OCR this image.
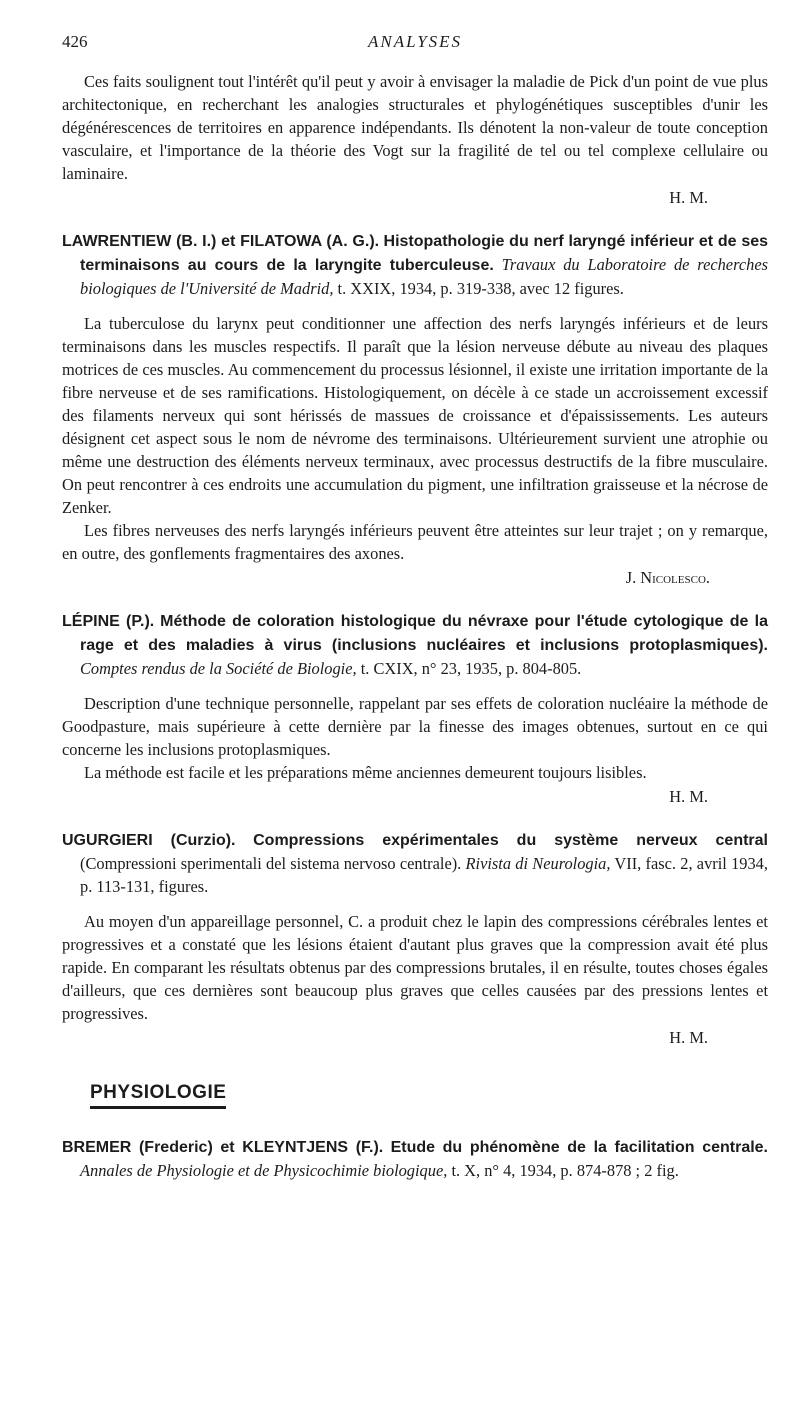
426	ANALYSES

Ces faits soulignent tout l'intérêt qu'il peut y avoir à envisager la maladie de Pick d'un point de vue plus architectonique, en recherchant les analogies structurales et phylogénétiques susceptibles d'unir les dégénérescences de territoires en apparence indépendants. Ils dénotent la non-valeur de toute conception vasculaire, et l'importance de la théorie des Vogt sur la fragilité de tel ou tel complexe cellulaire ou laminaire.

H. M.
LAWRENTIEW (B. I.) et FILATOWA (A. G.). Histopathologie du nerf laryngé inférieur et de ses terminaisons au cours de la laryngite tuberculeuse. Travaux du Laboratoire de recherches biologiques de l'Université de Madrid, t. XXIX, 1934, p. 319-338, avec 12 figures.

La tuberculose du larynx peut conditionner une affection des nerfs laryngés inférieurs et de leurs terminaisons dans les muscles respectifs. Il paraît que la lésion nerveuse débute au niveau des plaques motrices de ces muscles. Au commencement du processus lésionnel, il existe une irritation importante de la fibre nerveuse et de ses ramifications. Histologiquement, on décèle à ce stade un accroissement excessif des filaments nerveux qui sont hérissés de massues de croissance et d'épaississements. Les auteurs désignent cet aspect sous le nom de névrome des terminaisons. Ultérieurement survient une atrophie ou même une destruction des éléments nerveux terminaux, avec processus destructifs de la fibre musculaire. On peut rencontrer à ces endroits une accumulation du pigment, une infiltration graisseuse et la nécrose de Zenker.

Les fibres nerveuses des nerfs laryngés inférieurs peuvent être atteintes sur leur trajet ; on y remarque, en outre, des gonflements fragmentaires des axones.

J. Nicolesco.
LÉPINE (P.). Méthode de coloration histologique du névraxe pour l'étude cytologique de la rage et des maladies à virus (inclusions nucléaires et inclusions protoplasmiques). Comptes rendus de la Société de Biologie, t. CXIX, n° 23, 1935, p. 804-805.

Description d'une technique personnelle, rappelant par ses effets de coloration nucléaire la méthode de Goodpasture, mais supérieure à cette dernière par la finesse des images obtenues, surtout en ce qui concerne les inclusions protoplasmiques.

La méthode est facile et les préparations même anciennes demeurent toujours lisibles.

H. M.
UGURGIERI (Curzio). Compressions expérimentales du système nerveux central (Compressioni sperimentali del sistema nervoso centrale). Rivista di Neurologia, VII, fasc. 2, avril 1934, p. 113-131, figures.

Au moyen d'un appareillage personnel, C. a produit chez le lapin des compressions cérébrales lentes et progressives et a constaté que les lésions étaient d'autant plus graves que la compression avait été plus rapide. En comparant les résultats obtenus par des compressions brutales, il en résulte, toutes choses égales d'ailleurs, que ces dernières sont beaucoup plus graves que celles causées par des pressions lentes et progressives.

H. M.
PHYSIOLOGIE
BREMER (Frederic) et KLEYNTJENS (F.). Etude du phénomène de la facilitation centrale. Annales de Physiologie et de Physicochimie biologique, t. X, n° 4, 1934, p. 874-878 ; 2 fig.
